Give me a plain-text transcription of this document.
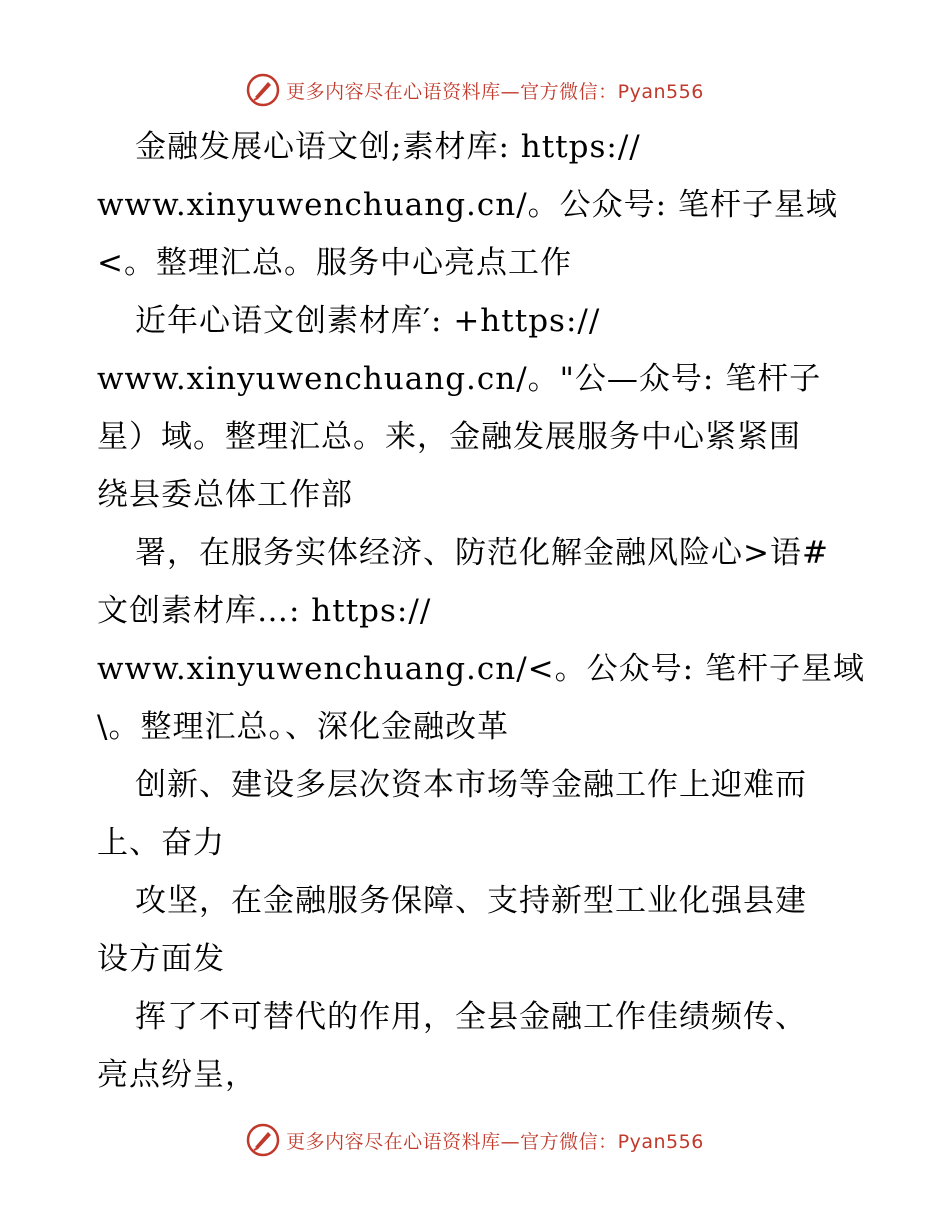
更多内容尽在心语资料库—官方微信：Pyan556
金融发展心语文创;素材库: https://
www.xinyuwenchuang.cn/。公众号: 笔杆子星域
<。整理汇总。服务中心亮点工作
近年心语文创素材库′: +https://
www.xinyuwenchuang.cn/。"公—众号: 笔杆子
星）域。整理汇总。来，金融发展服务中心紧紧围
绕县委总体工作部
署，在服务实体经济、防范化解金融风险心>语#
文创素材库…: https://
www.xinyuwenchuang.cn/<。公众号: 笔杆子星域
\。整理汇总。、深化金融改革
创新、建设多层次资本市场等金融工作上迎难而
上、奋力
攻坚，在金融服务保障、支持新型工业化强县建
设方面发
挥了不可替代的作用，全县金融工作佳绩频传、
亮点纷呈，
更多内容尽在心语资料库—官方微信：Pyan556
